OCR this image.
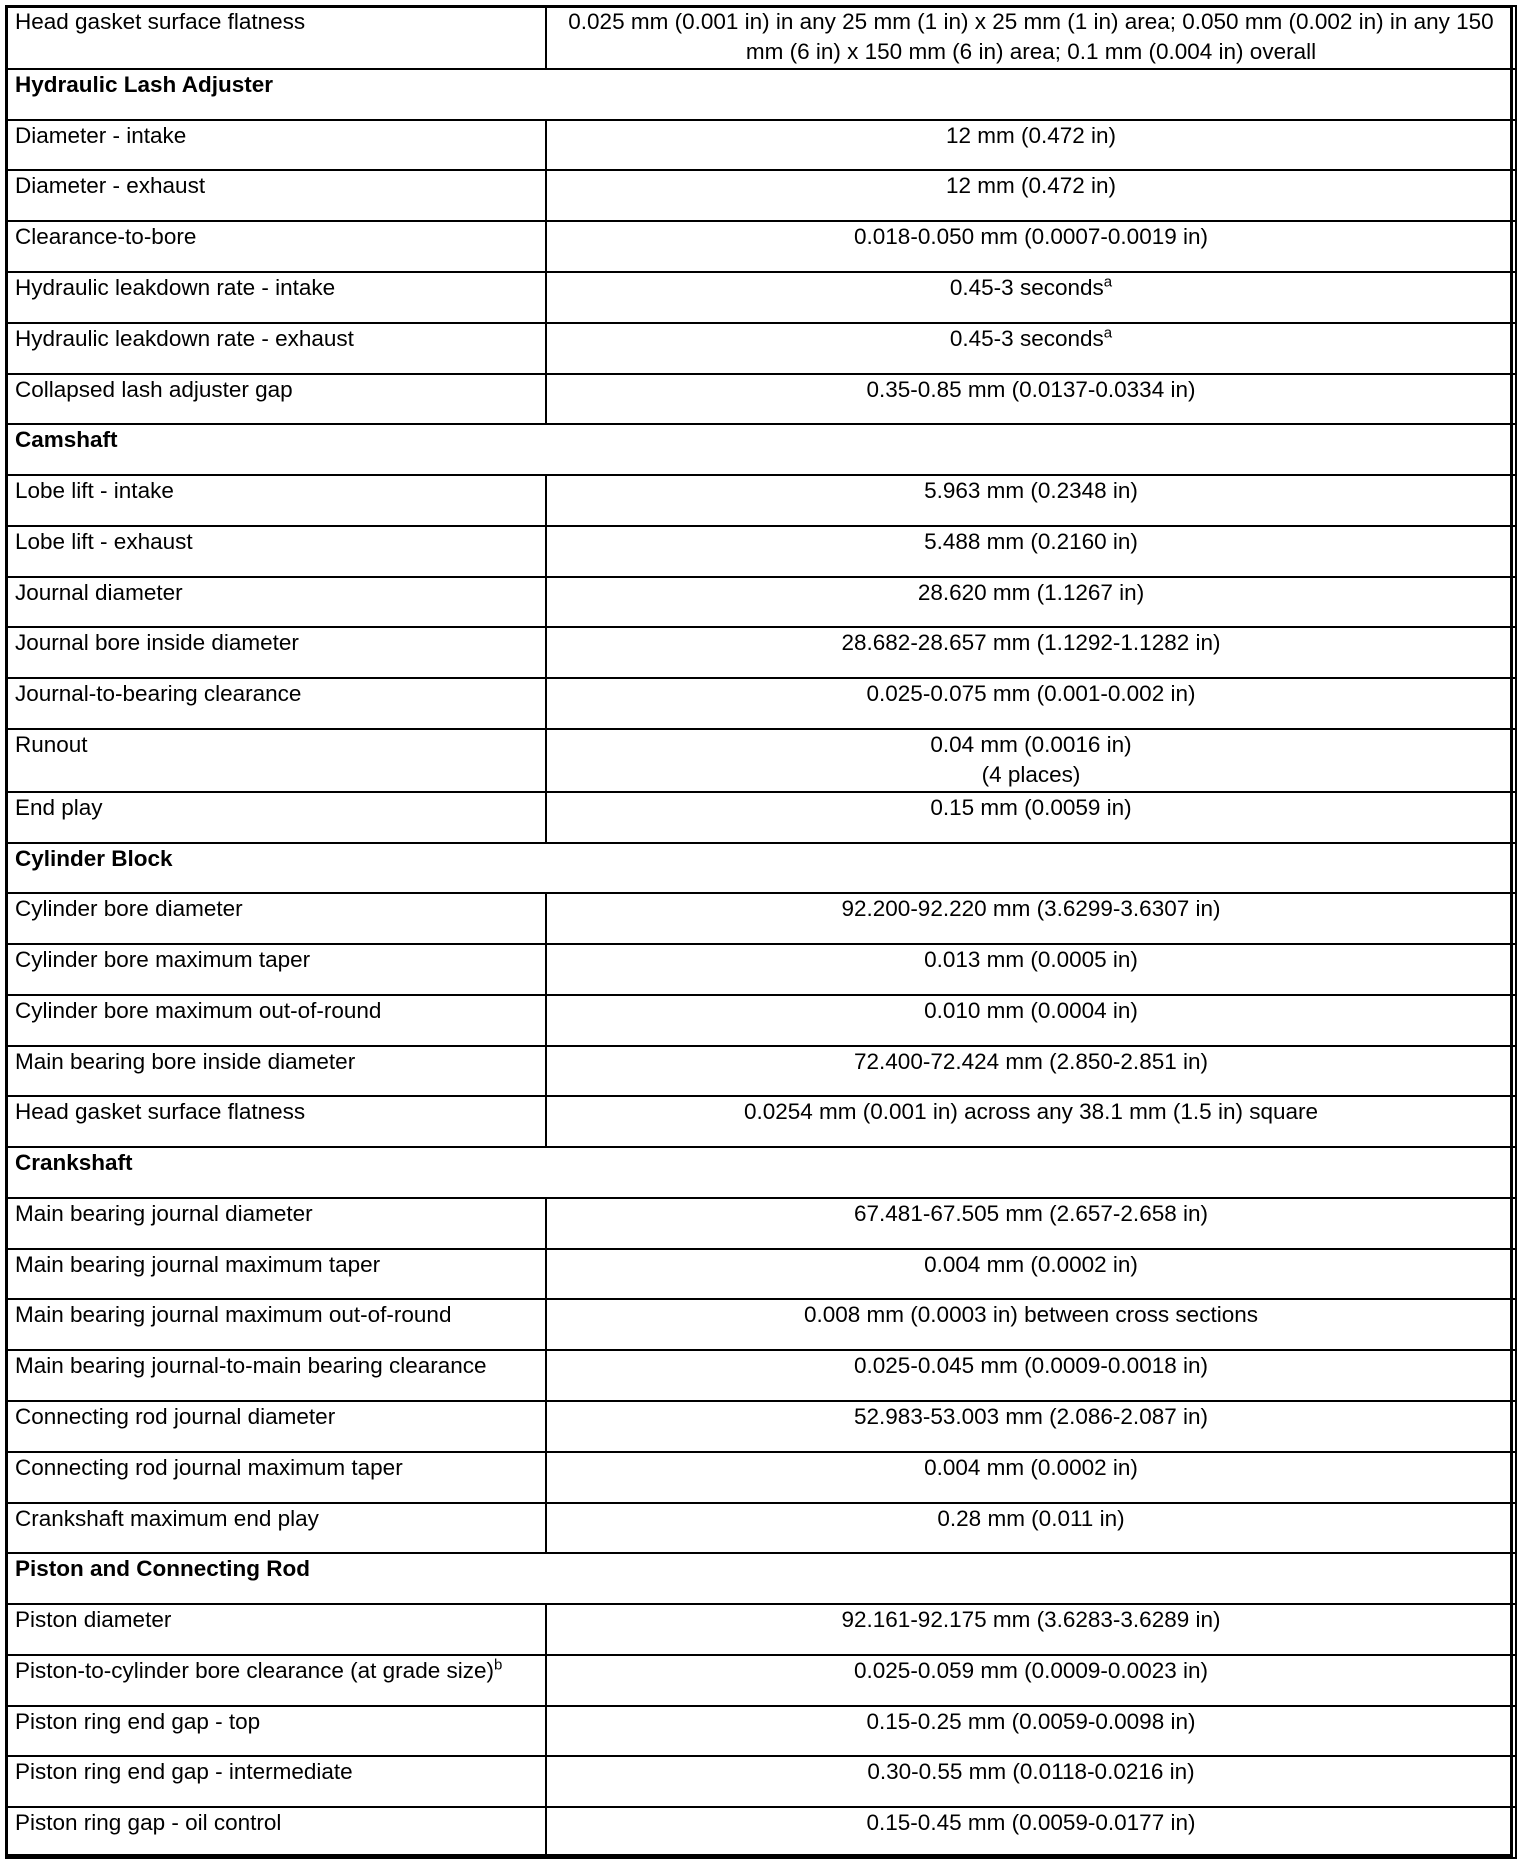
Head gasket surface flatness	0.025 mm (0.001 in) in any 25 mm (1 in) x 25 mm (1 in) area; 0.050 mm (0.002 in) in any 150 mm (6 in) x 150 mm (6 in) area; 0.1 mm (0.004 in) overall
Hydraulic Lash Adjuster	
Diameter - intake	12 mm (0.472 in)
Diameter - exhaust	12 mm (0.472 in)
Clearance-to-bore	0.018-0.050 mm (0.0007-0.0019 in)
Hydraulic leakdown rate - intake	0.45-3 seconds$^a$
Hydraulic leakdown rate - exhaust	0.45-3 seconds$^a$
Collapsed lash adjuster gap	0.35-0.85 mm (0.0137-0.0334 in)
Camshaft	
Lobe lift - intake	5.963 mm (0.2348 in)
Lobe lift - exhaust	5.488 mm (0.2160 in)
Journal diameter	28.620 mm (1.1267 in)
Journal bore inside diameter	28.682-28.657 mm (1.1292-1.1282 in)
Journal-to-bearing clearance	0.025-0.075 mm (0.001-0.002 in)
Runout	0.04 mm (0.0016 in)
(4 places)
End play	0.15 mm (0.0059 in)
Cylinder Block	
Cylinder bore diameter	92.200-92.220 mm (3.6299-3.6307 in)
Cylinder bore maximum taper	0.013 mm (0.0005 in)
Cylinder bore maximum out-of-round	0.010 mm (0.0004 in)
Main bearing bore inside diameter	72.400-72.424 mm (2.850-2.851 in)
Head gasket surface flatness	0.0254 mm (0.001 in) across any 38.1 mm (1.5 in) square
Crankshaft	
Main bearing journal diameter	67.481-67.505 mm (2.657-2.658 in)
Main bearing journal maximum taper	0.004 mm (0.0002 in)
Main bearing journal maximum out-of-round	0.008 mm (0.0003 in) between cross sections
Main bearing journal-to-main bearing clearance	0.025-0.045 mm (0.0009-0.0018 in)
Connecting rod journal diameter	52.983-53.003 mm (2.086-2.087 in)
Connecting rod journal maximum taper	0.004 mm (0.0002 in)
Crankshaft maximum end play	0.28 mm (0.011 in)
Piston and Connecting Rod	
Piston diameter	92.161-92.175 mm (3.6283-3.6289 in)
Piston-to-cylinder bore clearance (at grade size)$^b$	0.025-0.059 mm (0.0009-0.0023 in)
Piston ring end gap - top	0.15-0.25 mm (0.0059-0.0098 in)
Piston ring end gap - intermediate	0.30-0.55 mm (0.0118-0.0216 in)
Piston ring gap - oil control	0.15-0.45 mm (0.0059-0.0177 in)
